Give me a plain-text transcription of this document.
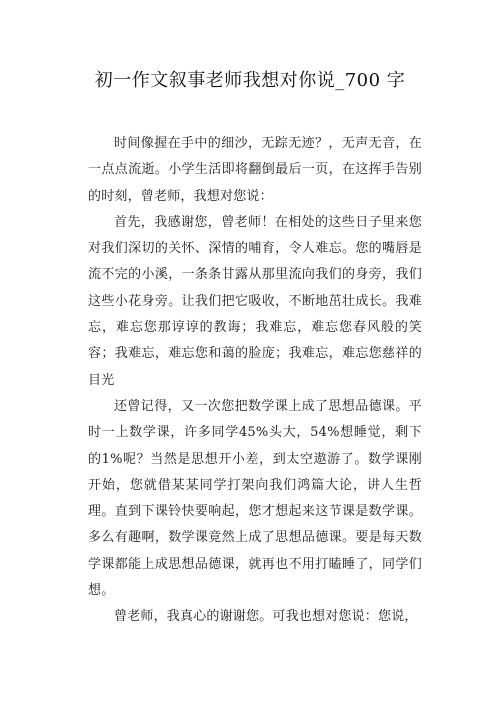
初一作文叙事老师我想对你说_700 字

时间像握在手中的细沙，无踪无迹？，无声无音，在一点点流逝。小学生活即将翻倒最后一页，在这挥手告别的时刻，曾老师，我想对您说：

首先，我感谢您，曾老师！在相处的这些日子里来您对我们深切的关怀、深情的哺育，令人难忘。您的嘴唇是流不完的小溪，一条条甘露从那里流向我们的身旁，我们这些小花身旁。让我们把它吸收，不断地茁壮成长。我难忘，难忘您那谆谆的教诲；我难忘，难忘您春风般的笑容；我难忘，难忘您和蔼的脸庞；我难忘，难忘您慈祥的目光

还曾记得，又一次您把数学课上成了思想品德课。平时一上数学课，许多同学45%头大，54%想睡觉，剩下的1%呢？当然是思想开小差，到太空遨游了。数学课刚开始，您就借某某同学打架向我们鸿篇大论，讲人生哲理。直到下课铃快要响起，您才想起来这节课是数学课。多么有趣啊，数学课竟然上成了思想品德课。要是每天数学课都能上成思想品德课，就再也不用打瞌睡了，同学们想。

曾老师，我真心的谢谢您。可我也想对您说：您说，
